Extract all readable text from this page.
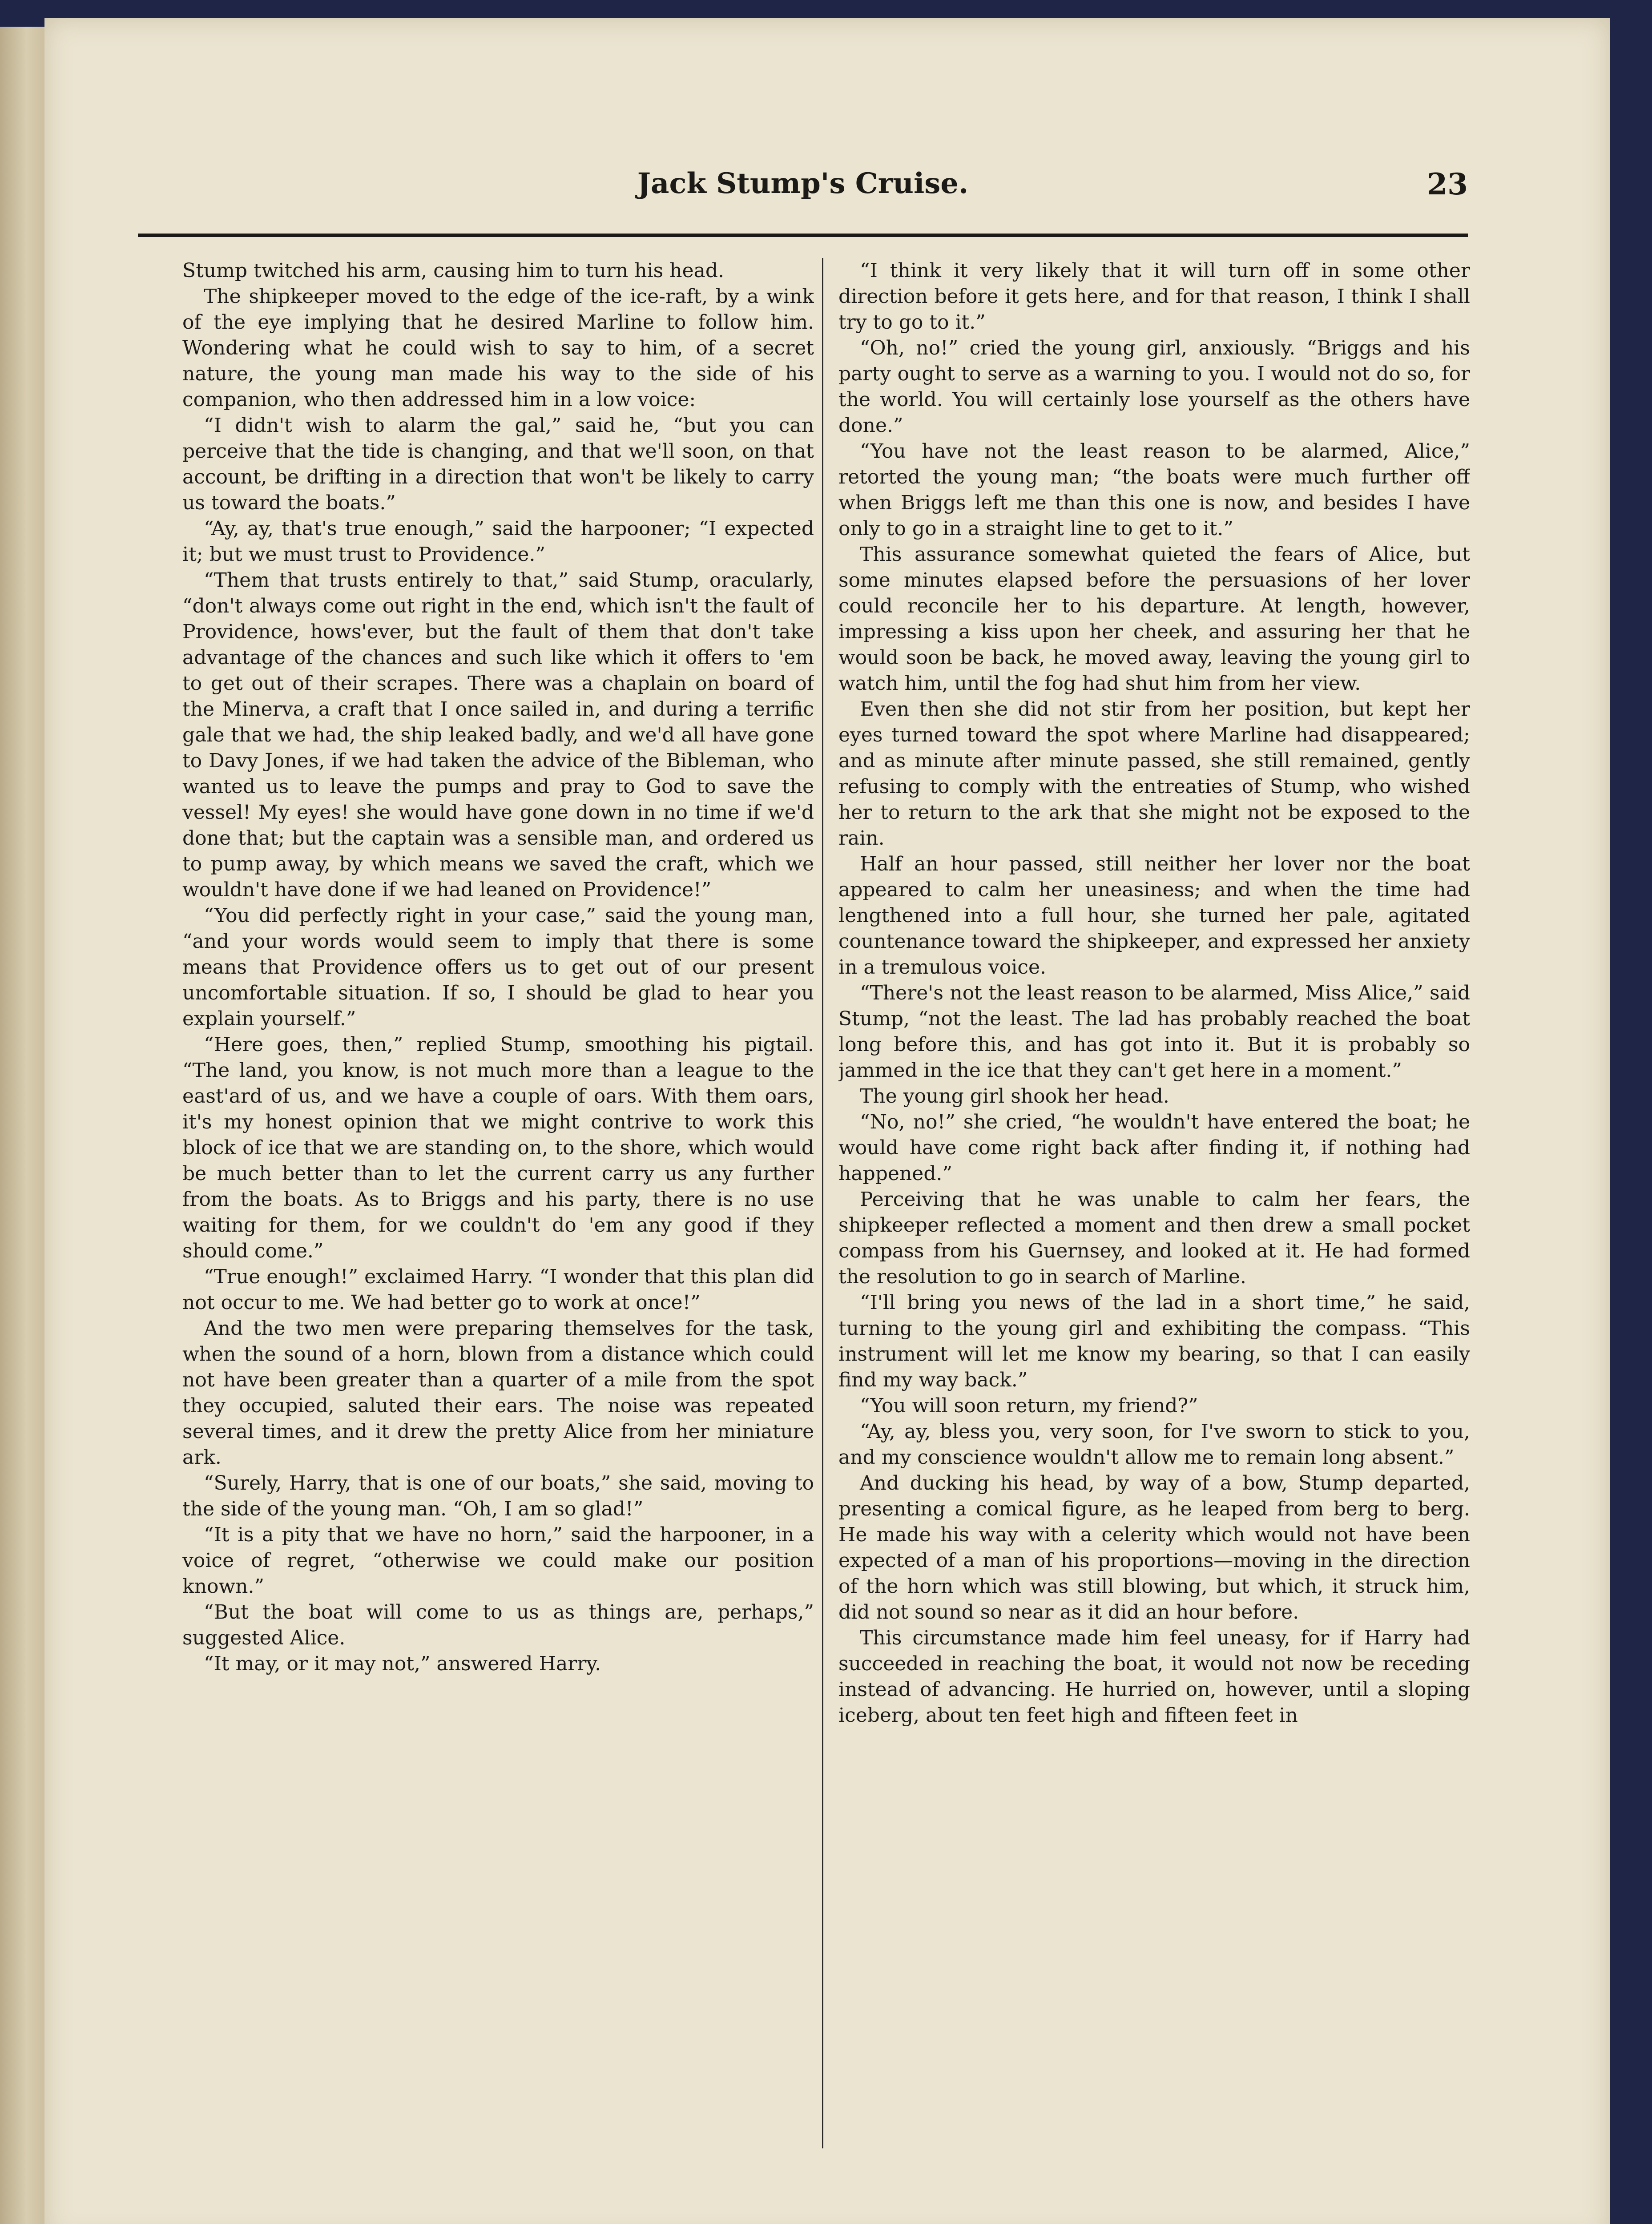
Jack Stump's Cruise.	23

Stump twitched his arm, causing him to turn his head.

The shipkeeper moved to the edge of the ice-raft, by a wink of the eye implying that he desired Marline to follow him. Wondering what he could wish to say to him, of a secret nature, the young man made his way to the side of his companion, who then addressed him in a low voice:

“I didn't wish to alarm the gal,” said he, “but you can perceive that the tide is changing, and that we'll soon, on that account, be drifting in a direction that won't be likely to carry us toward the boats.”

“Ay, ay, that's true enough,” said the harpooner; “I expected it; but we must trust to Providence.”

“Them that trusts entirely to that,” said Stump, oracularly, “don't always come out right in the end, which isn't the fault of Providence, hows'ever, but the fault of them that don't take advantage of the chances and such like which it offers to 'em to get out of their scrapes. There was a chaplain on board of the Minerva, a craft that I once sailed in, and during a terrific gale that we had, the ship leaked badly, and we'd all have gone to Davy Jones, if we had taken the advice of the Bibleman, who wanted us to leave the pumps and pray to God to save the vessel! My eyes! she would have gone down in no time if we'd done that; but the captain was a sensible man, and ordered us to pump away, by which means we saved the craft, which we wouldn't have done if we had leaned on Providence!”

“You did perfectly right in your case,” said the young man, “and your words would seem to imply that there is some means that Providence offers us to get out of our present uncomfortable situation. If so, I should be glad to hear you explain yourself.”

“Here goes, then,” replied Stump, smoothing his pigtail. “The land, you know, is not much more than a league to the east'ard of us, and we have a couple of oars. With them oars, it's my honest opinion that we might contrive to work this block of ice that we are standing on, to the shore, which would be much better than to let the current carry us any further from the boats. As to Briggs and his party, there is no use waiting for them, for we couldn't do 'em any good if they should come.”

“True enough!” exclaimed Harry. “I wonder that this plan did not occur to me. We had better go to work at once!”

And the two men were preparing themselves for the task, when the sound of a horn, blown from a distance which could not have been greater than a quarter of a mile from the spot they occupied, saluted their ears. The noise was repeated several times, and it drew the pretty Alice from her miniature ark.

“Surely, Harry, that is one of our boats,” she said, moving to the side of the young man. “Oh, I am so glad!”

“It is a pity that we have no horn,” said the harpooner, in a voice of regret, “otherwise we could make our position known.”

“But the boat will come to us as things are, perhaps,” suggested Alice.

“It may, or it may not,” answered Harry.

“I think it very likely that it will turn off in some other direction before it gets here, and for that reason, I think I shall try to go to it.”

“Oh, no!” cried the young girl, anxiously. “Briggs and his party ought to serve as a warning to you. I would not do so, for the world. You will certainly lose yourself as the others have done.”

“You have not the least reason to be alarmed, Alice,” retorted the young man; “the boats were much further off when Briggs left me than this one is now, and besides I have only to go in a straight line to get to it.”

This assurance somewhat quieted the fears of Alice, but some minutes elapsed before the persuasions of her lover could reconcile her to his departure. At length, however, impressing a kiss upon her cheek, and assuring her that he would soon be back, he moved away, leaving the young girl to watch him, until the fog had shut him from her view.

Even then she did not stir from her position, but kept her eyes turned toward the spot where Marline had disappeared; and as minute after minute passed, she still remained, gently refusing to comply with the entreaties of Stump, who wished her to return to the ark that she might not be exposed to the rain.

Half an hour passed, still neither her lover nor the boat appeared to calm her uneasiness; and when the time had lengthened into a full hour, she turned her pale, agitated countenance toward the shipkeeper, and expressed her anxiety in a tremulous voice.

“There's not the least reason to be alarmed, Miss Alice,” said Stump, “not the least. The lad has probably reached the boat long before this, and has got into it. But it is probably so jammed in the ice that they can't get here in a moment.”

The young girl shook her head.

“No, no!” she cried, “he wouldn't have entered the boat; he would have come right back after finding it, if nothing had happened.”

Perceiving that he was unable to calm her fears, the shipkeeper reflected a moment and then drew a small pocket compass from his Guernsey, and looked at it. He had formed the resolution to go in search of Marline.

“I'll bring you news of the lad in a short time,” he said, turning to the young girl and exhibiting the compass. “This instrument will let me know my bearing, so that I can easily find my way back.”

“You will soon return, my friend?”

“Ay, ay, bless you, very soon, for I've sworn to stick to you, and my conscience wouldn't allow me to remain long absent.”

And ducking his head, by way of a bow, Stump departed, presenting a comical figure, as he leaped from berg to berg. He made his way with a celerity which would not have been expected of a man of his proportions—moving in the direction of the horn which was still blowing, but which, it struck him, did not sound so near as it did an hour before.

This circumstance made him feel uneasy, for if Harry had succeeded in reaching the boat, it would not now be receding instead of advancing. He hurried on, however, until a sloping iceberg, about ten feet high and fifteen feet in
